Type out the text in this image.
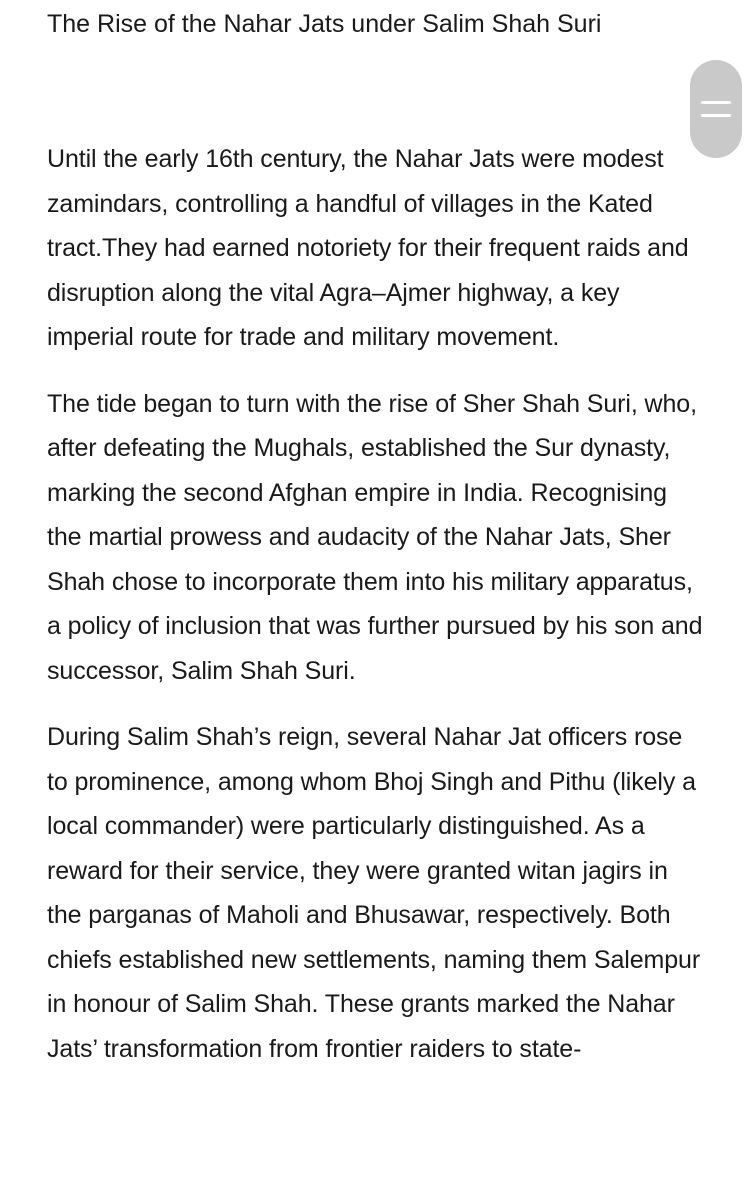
The Rise of the Nahar Jats under Salim Shah Suri

Until the early 16th century, the Nahar Jats were modest zamindars, controlling a handful of villages in the Kated tract.They had earned notoriety for their frequent raids and disruption along the vital Agra–Ajmer highway, a key imperial route for trade and military movement.

The tide began to turn with the rise of Sher Shah Suri, who, after defeating the Mughals, established the Sur dynasty, marking the second Afghan empire in India. Recognising the martial prowess and audacity of the Nahar Jats, Sher Shah chose to incorporate them into his military apparatus, a policy of inclusion that was further pursued by his son and successor, Salim Shah Suri.

During Salim Shah’s reign, several Nahar Jat officers rose to prominence, among whom Bhoj Singh and Pithu (likely a local commander) were particularly distinguished. As a reward for their service, they were granted witan jagirs in the parganas of Maholi and Bhusawar, respectively. Both chiefs established new settlements, naming them Salempur in honour of Salim Shah. These grants marked the Nahar Jats’ transformation from frontier raiders to state-
